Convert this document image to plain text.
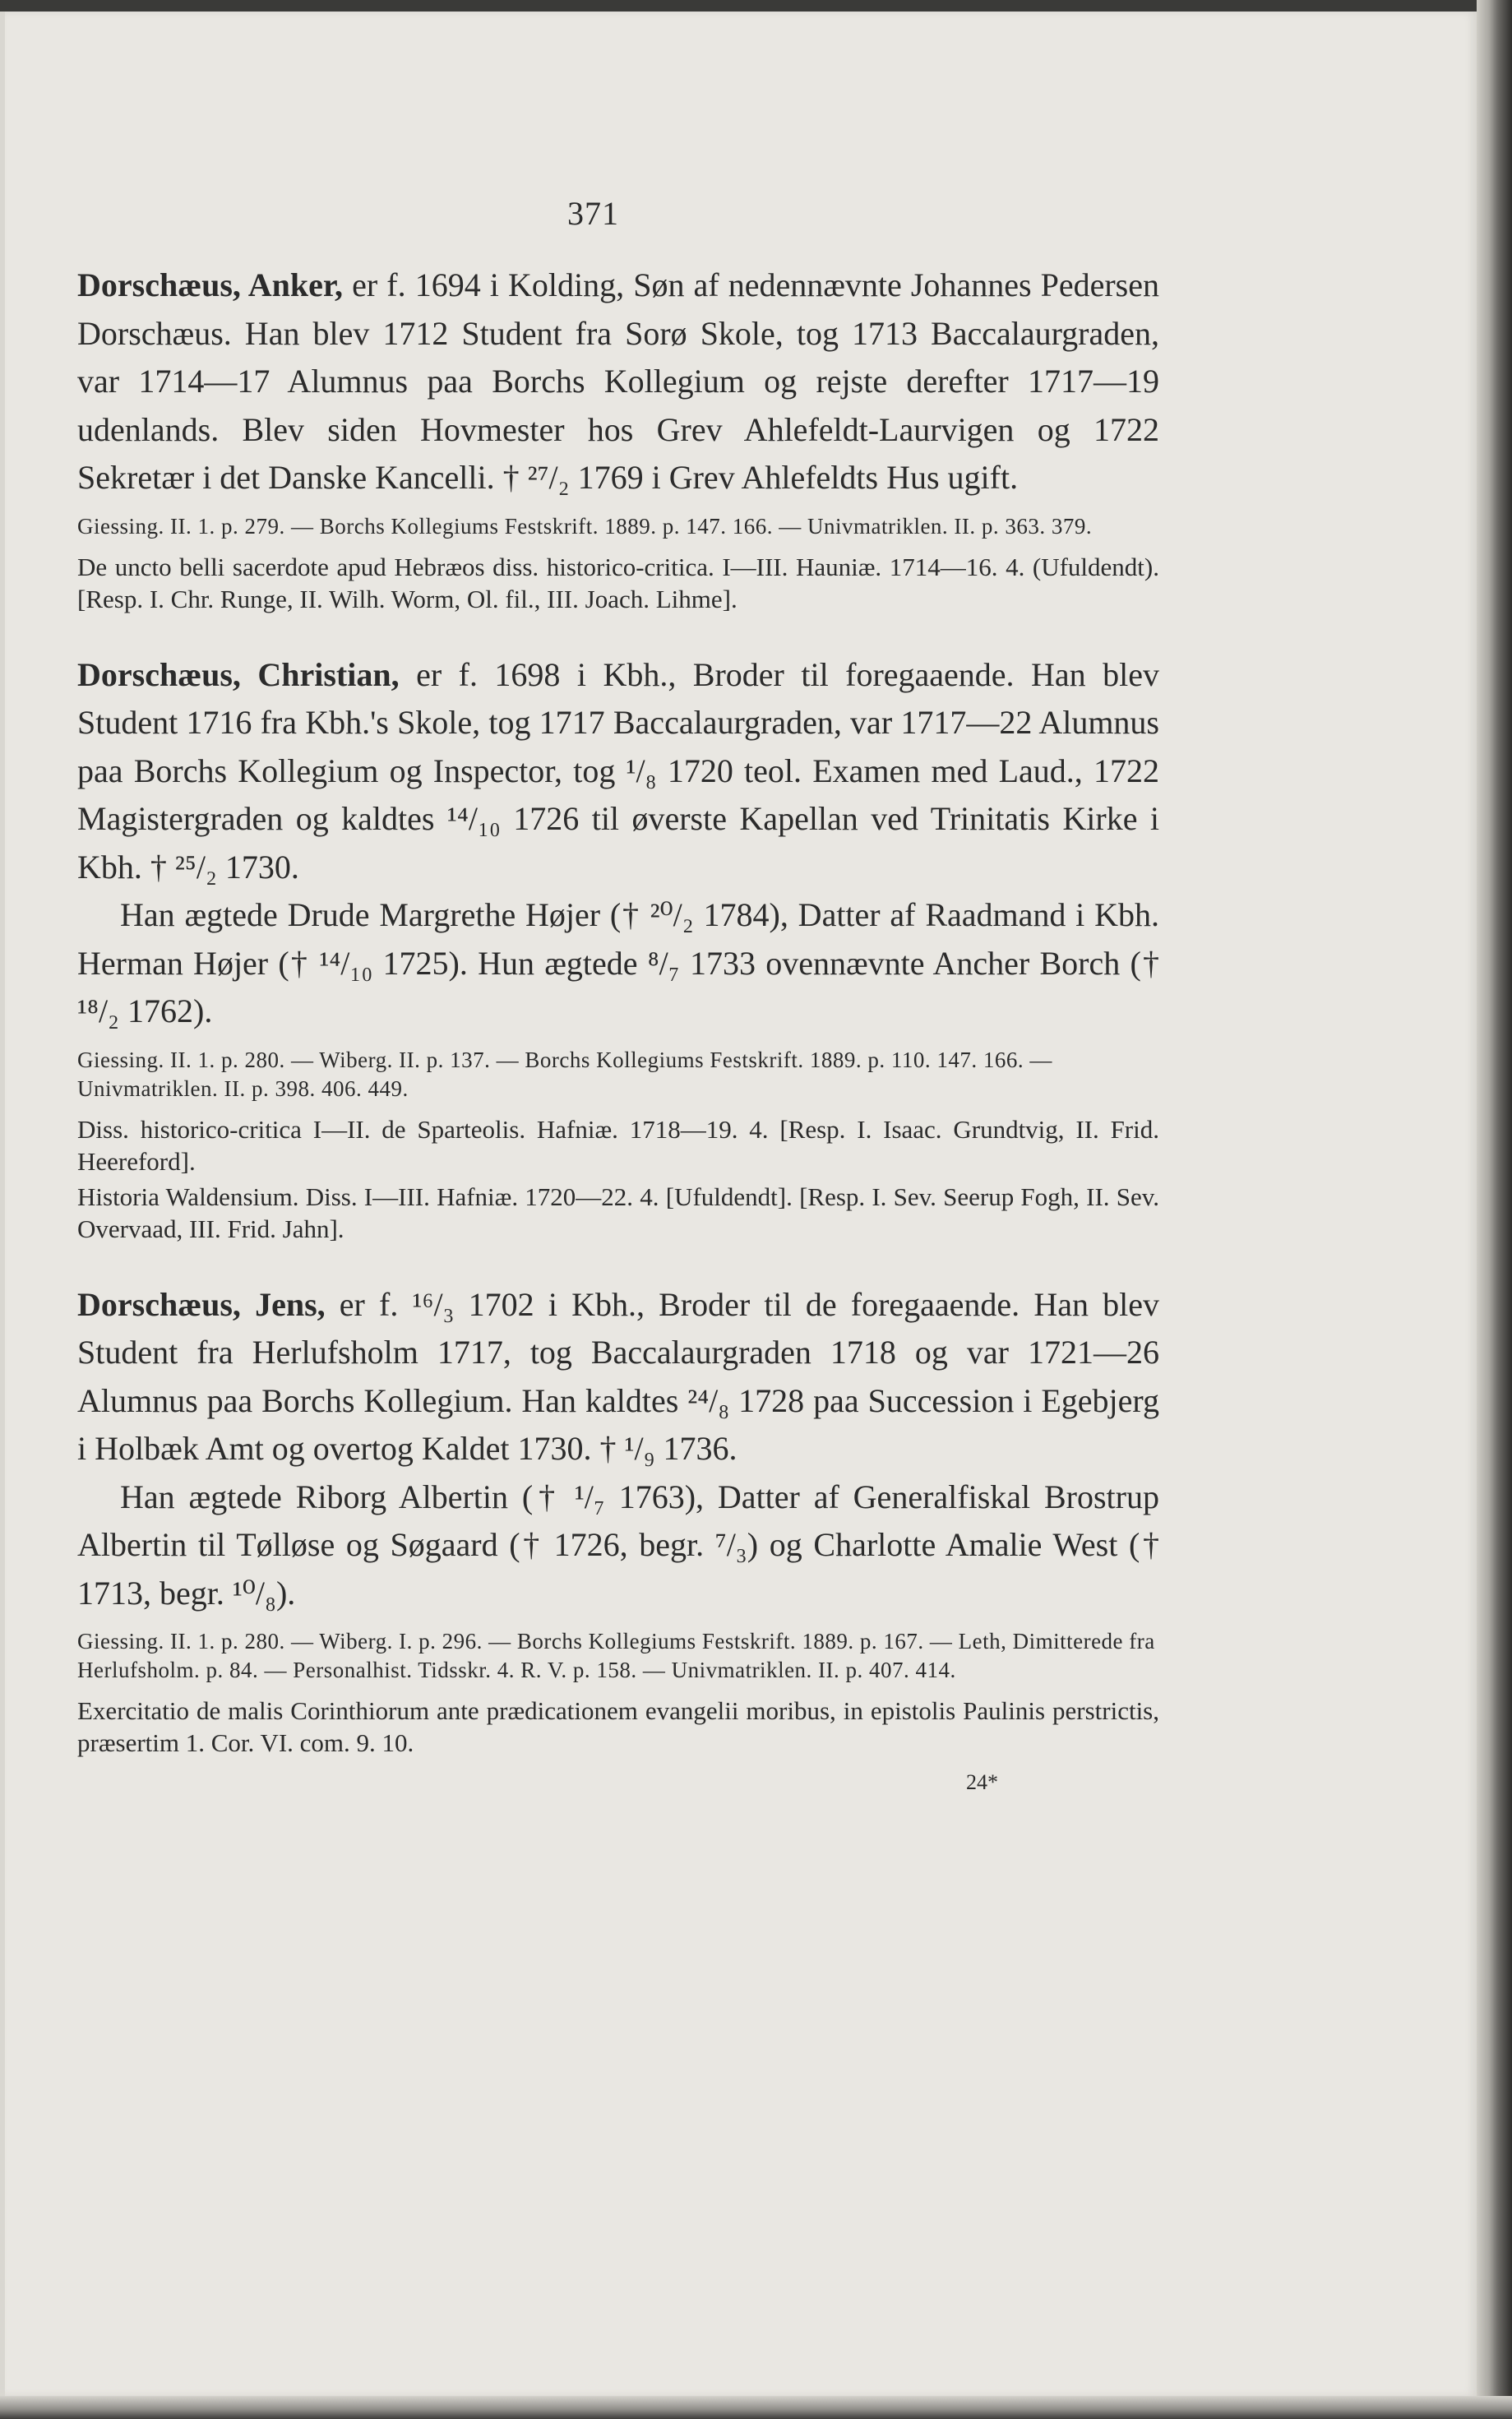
371

Dorschæus, Anker, er f. 1694 i Kolding, Søn af nedennævnte Johannes Pedersen Dorschæus. Han blev 1712 Student fra Sorø Skole, tog 1713 Baccalaurgraden, var 1714—17 Alumnus paa Borchs Kollegium og rejste derefter 1717—19 udenlands. Blev siden Hovmester hos Grev Ahlefeldt-Laurvigen og 1722 Sekretær i det Danske Kancelli. † ²⁷/₂ 1769 i Grev Ahlefeldts Hus ugift.

Giessing. II. 1. p. 279. — Borchs Kollegiums Festskrift. 1889. p. 147. 166. — Univmatriklen. II. p. 363. 379.

De uncto belli sacerdote apud Hebræos diss. historico-critica. I—III. Hauniæ. 1714—16. 4. (Ufuldendt). [Resp. I. Chr. Runge, II. Wilh. Worm, Ol. fil., III. Joach. Lihme].

Dorschæus, Christian, er f. 1698 i Kbh., Broder til foregaaende. Han blev Student 1716 fra Kbh.'s Skole, tog 1717 Baccalaurgraden, var 1717—22 Alumnus paa Borchs Kollegium og Inspector, tog ¹/₈ 1720 teol. Examen med Laud., 1722 Magistergraden og kaldtes ¹⁴/₁₀ 1726 til øverste Kapellan ved Trinitatis Kirke i Kbh. † ²⁵/₂ 1730.

Han ægtede Drude Margrethe Højer († ²⁰/₂ 1784), Datter af Raadmand i Kbh. Herman Højer († ¹⁴/₁₀ 1725). Hun ægtede ⁸/₇ 1733 ovennævnte Ancher Borch († ¹⁸/₂ 1762).

Giessing. II. 1. p. 280. — Wiberg. II. p. 137. — Borchs Kollegiums Festskrift. 1889. p. 110. 147. 166. — Univmatriklen. II. p. 398. 406. 449.

Diss. historico-critica I—II. de Sparteolis. Hafniæ. 1718—19. 4. [Resp. I. Isaac. Grundtvig, II. Frid. Heereford].

Historia Waldensium. Diss. I—III. Hafniæ. 1720—22. 4. [Ufuldendt]. [Resp. I. Sev. Seerup Fogh, II. Sev. Overvaad, III. Frid. Jahn].

Dorschæus, Jens, er f. ¹⁶/₃ 1702 i Kbh., Broder til de foregaaende. Han blev Student fra Herlufsholm 1717, tog Baccalaurgraden 1718 og var 1721—26 Alumnus paa Borchs Kollegium. Han kaldtes ²⁴/₈ 1728 paa Succession i Egebjerg i Holbæk Amt og overtog Kaldet 1730. † ¹/₉ 1736.

Han ægtede Riborg Albertin († ¹/₇ 1763), Datter af Generalfiskal Brostrup Albertin til Tølløse og Søgaard († 1726, begr. ⁷/₃) og Charlotte Amalie West († 1713, begr. ¹⁰/₈).

Giessing. II. 1. p. 280. — Wiberg. I. p. 296. — Borchs Kollegiums Festskrift. 1889. p. 167. — Leth, Dimitterede fra Herlufsholm. p. 84. — Personalhist. Tidsskr. 4. R. V. p. 158. — Univmatriklen. II. p. 407. 414.

Exercitatio de malis Corinthiorum ante prædicationem evangelii moribus, in epistolis Paulinis perstrictis, præsertim 1. Cor. VI. com. 9. 10.

24*
